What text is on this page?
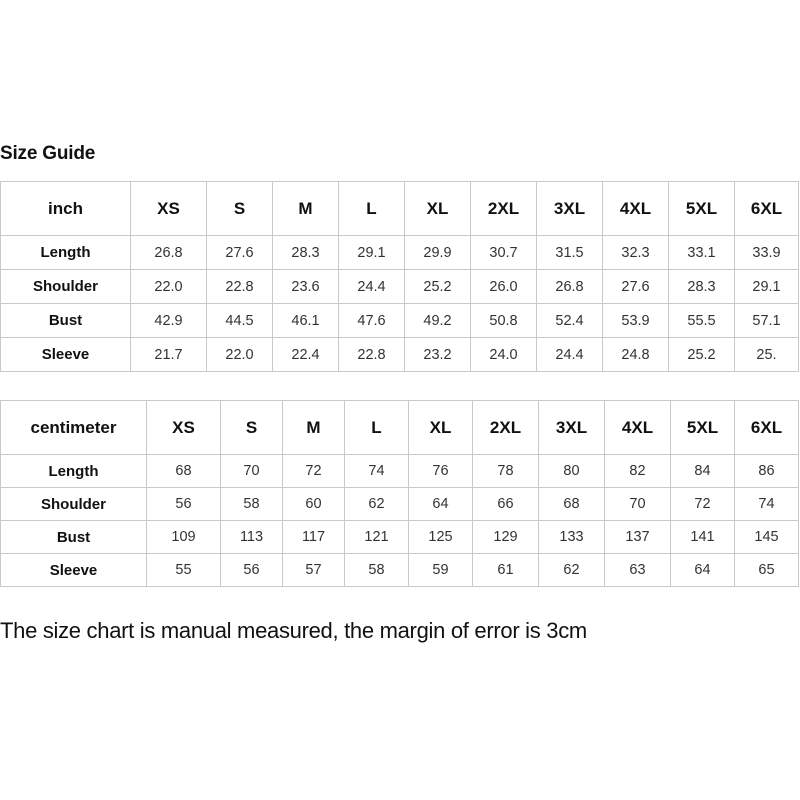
Size Guide
inch	XS	S	M	L	XL	2XL	3XL	4XL	5XL	6XL
Length	26.8	27.6	28.3	29.1	29.9	30.7	31.5	32.3	33.1	33.9
Shoulder	22.0	22.8	23.6	24.4	25.2	26.0	26.8	27.6	28.3	29.1
Bust	42.9	44.5	46.1	47.6	49.2	50.8	52.4	53.9	55.5	57.1
Sleeve	21.7	22.0	22.4	22.8	23.2	24.0	24.4	24.8	25.2	25.
centimeter	XS	S	M	L	XL	2XL	3XL	4XL	5XL	6XL
Length	68	70	72	74	76	78	80	82	84	86
Shoulder	56	58	60	62	64	66	68	70	72	74
Bust	109	113	117	121	125	129	133	137	141	145
Sleeve	55	56	57	58	59	61	62	63	64	65
The size chart is manual measured, the margin of error is 3cm
